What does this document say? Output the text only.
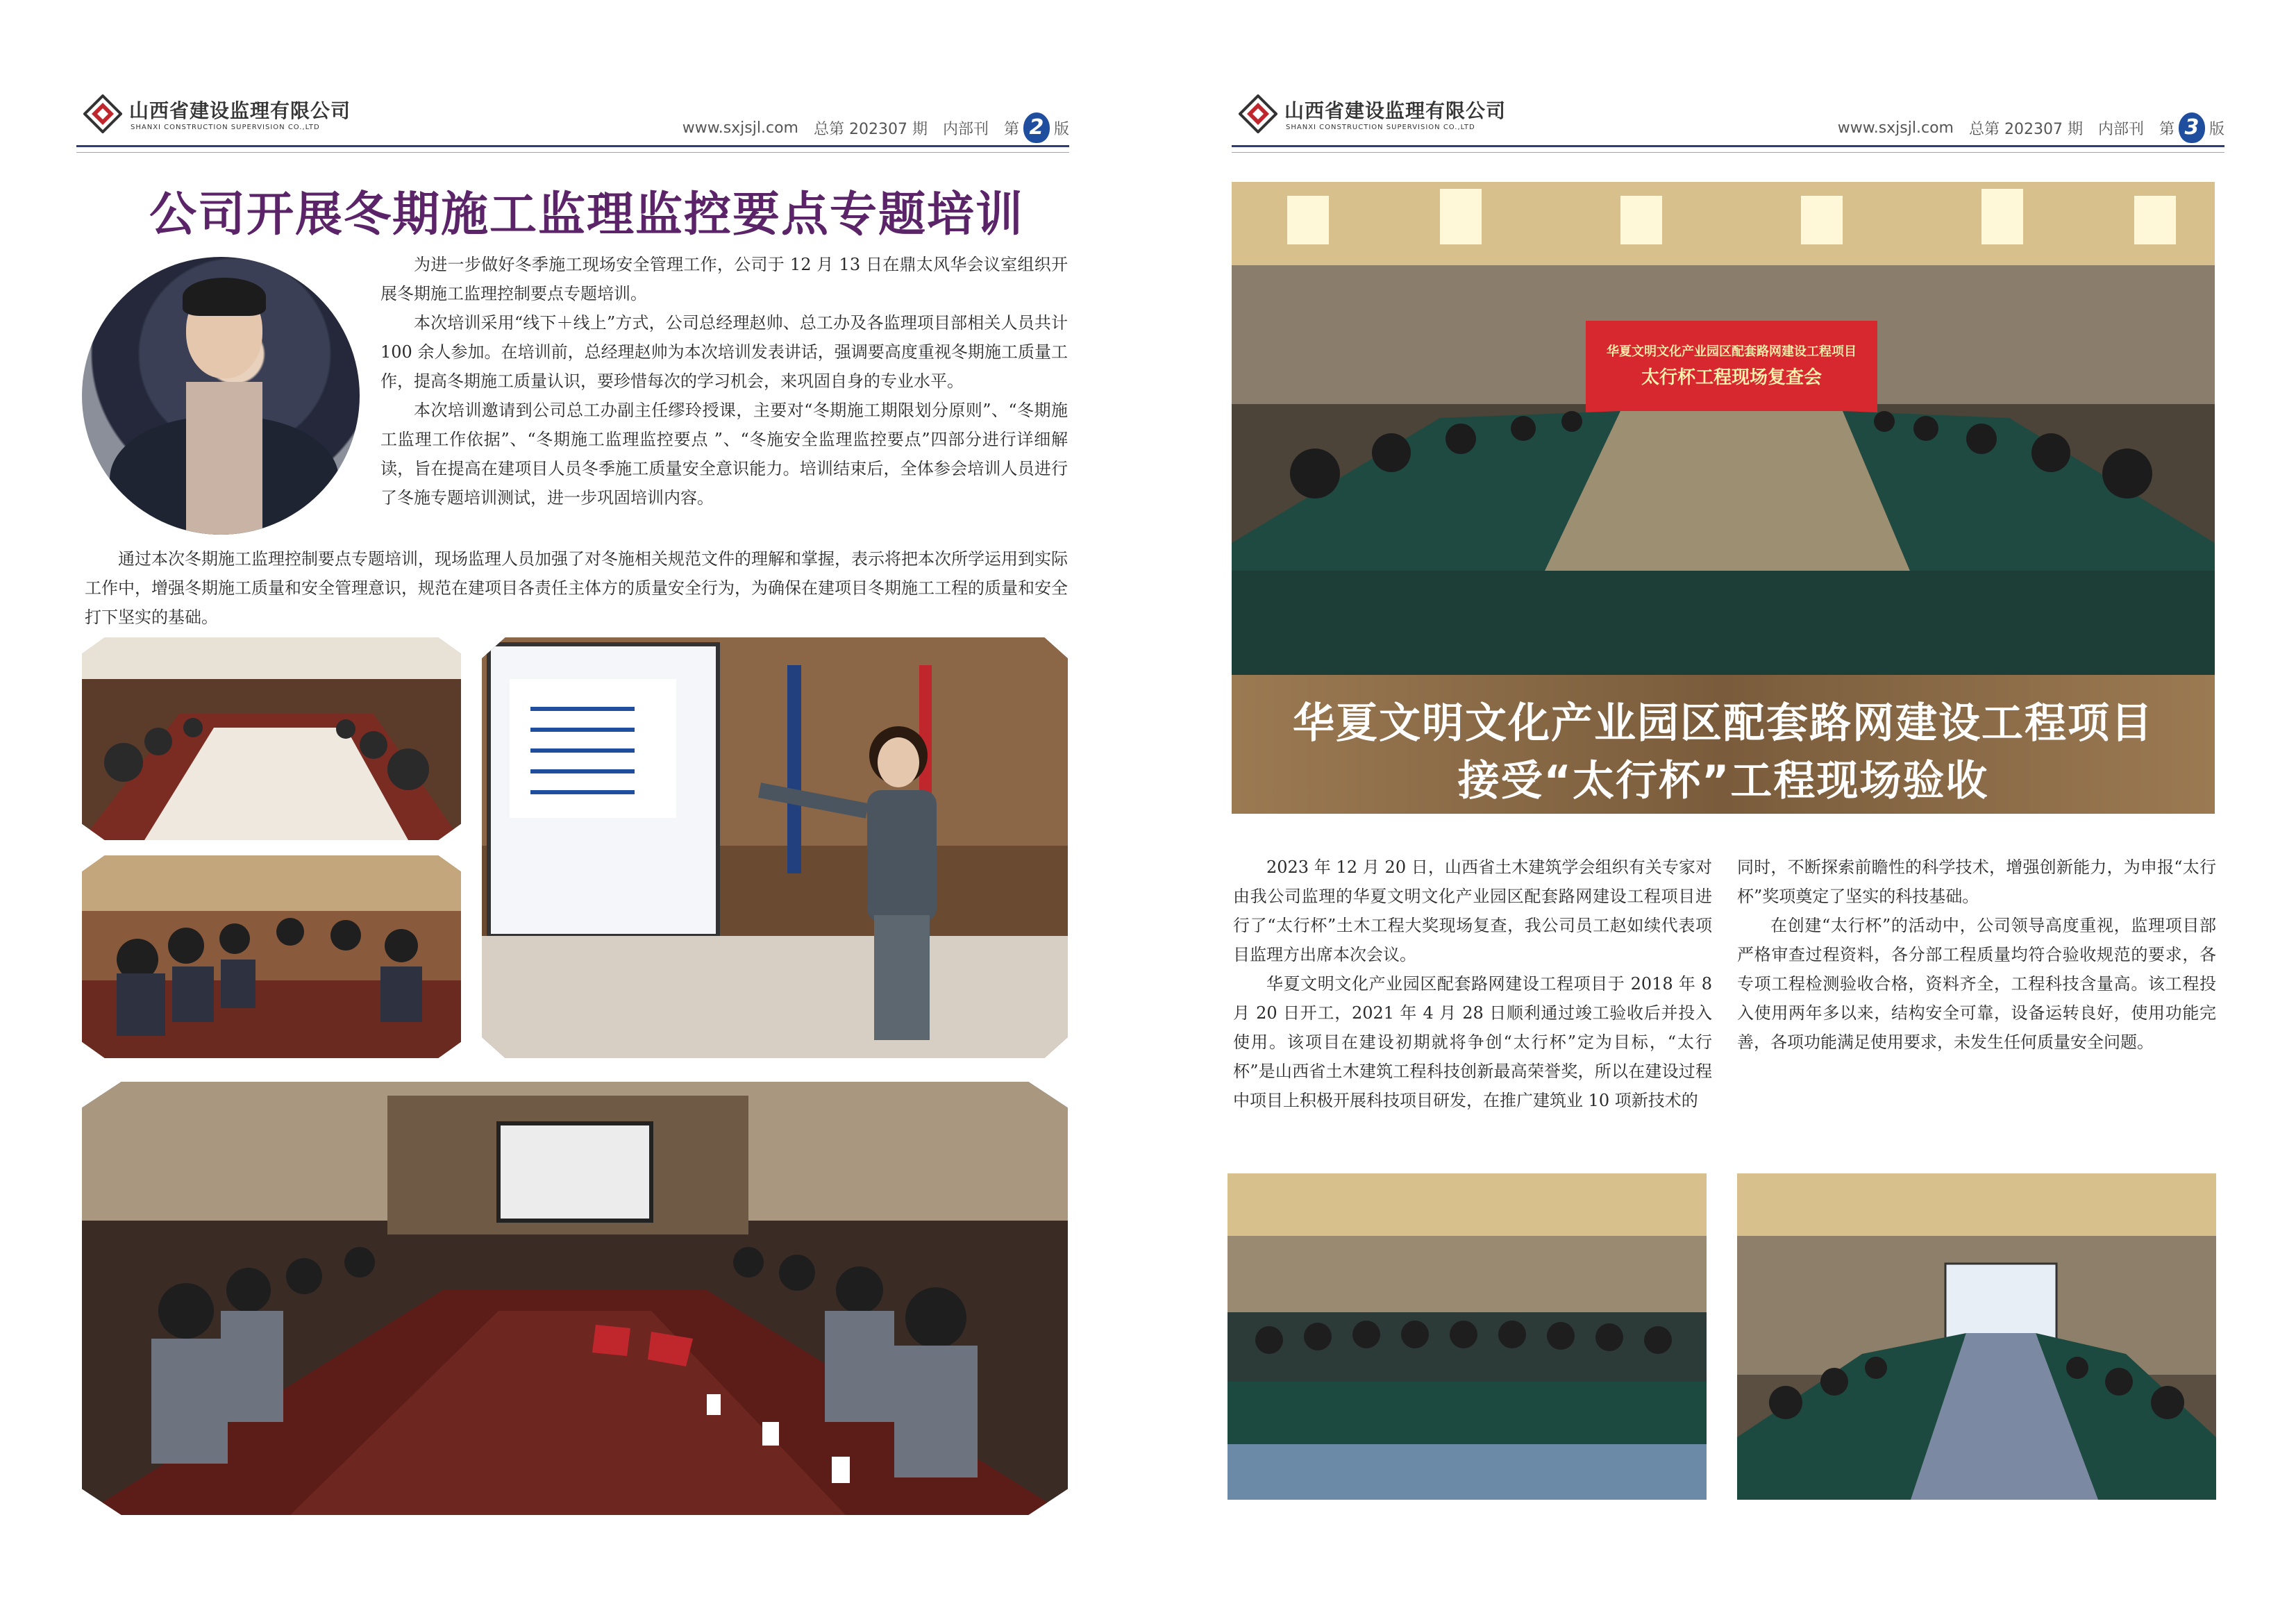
山西省建设监理有限公司
SHANXI CONSTRUCTION SUPERVISION CO.,LTD	www.sxjsjl.com 总第 202307 期 内部刊 第 2 版
公司开展冬期施工监理监控要点专题培训

为进一步做好冬季施工现场安全管理工作，公司于 12 月 13 日在鼎太风华会议室组织开展冬期施工监理控制要点专题培训。

本次培训采用“线下＋线上”方式，公司总经理赵帅、总工办及各监理项目部相关人员共计 100 余人参加。在培训前，总经理赵帅为本次培训发表讲话，强调要高度重视冬期施工质量工作，提高冬期施工质量认识，要珍惜每次的学习机会，来巩固自身的专业水平。

本次培训邀请到公司总工办副主任缪玲授课，主要对“冬期施工期限划分原则”、“冬期施工监理工作依据”、“冬期施工监理监控要点 ”、“冬施安全监理监控要点”四部分进行详细解读，旨在提高在建项目人员冬季施工质量安全意识能力。培训结束后，全体参会培训人员进行了冬施专题培训测试，进一步巩固培训内容。

通过本次冬期施工监理控制要点专题培训，现场监理人员加强了对冬施相关规范文件的理解和掌握，表示将把本次所学运用到实际工作中，增强冬期施工质量和安全管理意识，规范在建项目各责任主体方的质量安全行为，为确保在建项目冬期施工工程的质量和安全打下坚实的基础。

山西省建设监理有限公司
SHANXI CONSTRUCTION SUPERVISION CO.,LTD	www.sxjsjl.com 总第 202307 期 内部刊 第 3 版
华夏文明文化产业园区配套路网建设工程项目
太行杯工程现场复查会
华夏文明文化产业园区配套路网建设工程项目
接受“太行杯”工程现场验收

2023 年 12 月 20 日，山西省土木建筑学会组织有关专家对由我公司监理的华夏文明文化产业园区配套路网建设工程项目进行了“太行杯”土木工程大奖现场复查，我公司员工赵如续代表项目监理方出席本次会议。

华夏文明文化产业园区配套路网建设工程项目于 2018 年 8 月 20 日开工，2021 年 4 月 28 日顺利通过竣工验收后并投入使用。该项目在建设初期就将争创“太行杯”定为目标，“太行杯”是山西省土木建筑工程科技创新最高荣誉奖，所以在建设过程中项目上积极开展科技项目研发，在推广建筑业 10 项新技术的

同时，不断探索前瞻性的科学技术，增强创新能力，为申报“太行杯”奖项奠定了坚实的科技基础。

在创建“太行杯”的活动中，公司领导高度重视，监理项目部严格审查过程资料，各分部工程质量均符合验收规范的要求，各专项工程检测验收合格，资料齐全，工程科技含量高。该工程投入使用两年多以来，结构安全可靠，设备运转良好，使用功能完善，各项功能满足使用要求，未发生任何质量安全问题。
